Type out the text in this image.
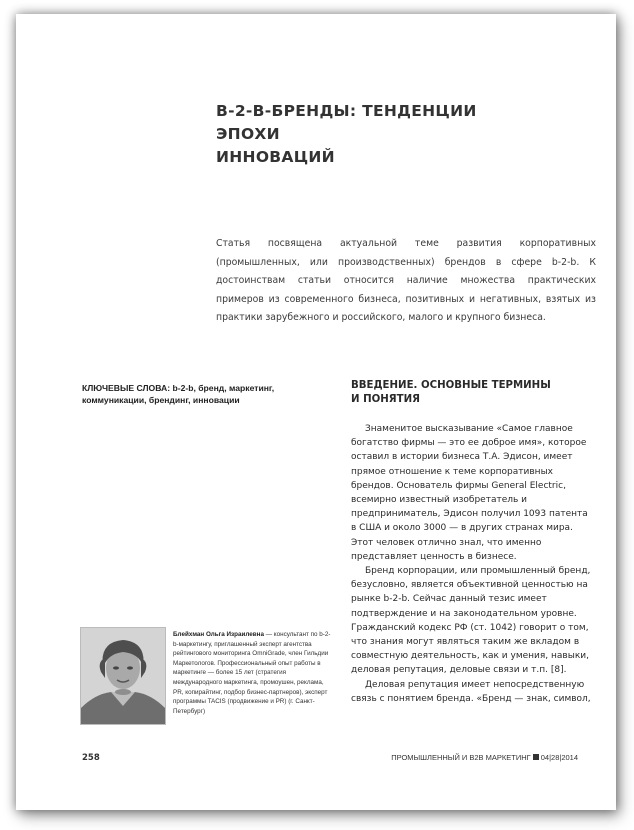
B-2-B-БРЕНДЫ: ТЕНДЕНЦИИ ЭПОХИ
ИННОВАЦИЙ

Статья посвящена актуальной теме развития корпоративных (промышленных, или производственных) брендов в сфере b-2-b. К достоинствам статьи относится наличие множества практических примеров из современного бизнеса, позитивных и негативных, взятых из практики зарубежного и российского, малого и крупного бизнеса.

КЛЮЧЕВЫЕ СЛОВА: b-2-b, бренд, маркетинг, коммуникации, брендинг, инновации

ВВЕДЕНИЕ. ОСНОВНЫЕ ТЕРМИНЫ
И ПОНЯТИЯ

Знаменитое высказывание «Самое главное богатство фирмы — это ее доброе имя», которое оставил в истории бизнеса Т.А. Эдисон, имеет прямое отношение к теме корпоративных брендов. Основатель фирмы General Electric, всемирно известный изобретатель и предприниматель, Эдисон получил 1093 патента в США и около 3000 — в других странах мира. Этот человек отлично знал, что именно представляет ценность в бизнесе.

Бренд корпорации, или промышленный бренд, безусловно, является объективной ценностью на рынке b-2-b. Сейчас данный тезис имеет подтверждение и на законодательном уровне. Гражданский кодекс РФ (ст. 1042) говорит о том, что знания могут являться таким же вкладом в совместную деятельность, как и умения, навыки, деловая репутация, деловые связи и т.п. [8].

Деловая репутация имеет непосредственную связь с понятием бренда. «Бренд — знак, символ,

Блейхман Ольга Израилевна — консультант по b-2-b-маркетингу, приглашенный эксперт агентства рейтингового мониторинга OmniGrade, член Гильдии Маркетологов. Профессиональный опыт работы в маркетинге — более 15 лет (стратегия международного маркетинга, промоушен, реклама, PR, копирайтинг, подбор бизнес-партнеров), эксперт программы TACIS (продвижение и PR) (г. Санкт-Петербург)

258	ПРОМЫШЛЕННЫЙ И B2B МАРКЕТИНГ 04|28|2014
